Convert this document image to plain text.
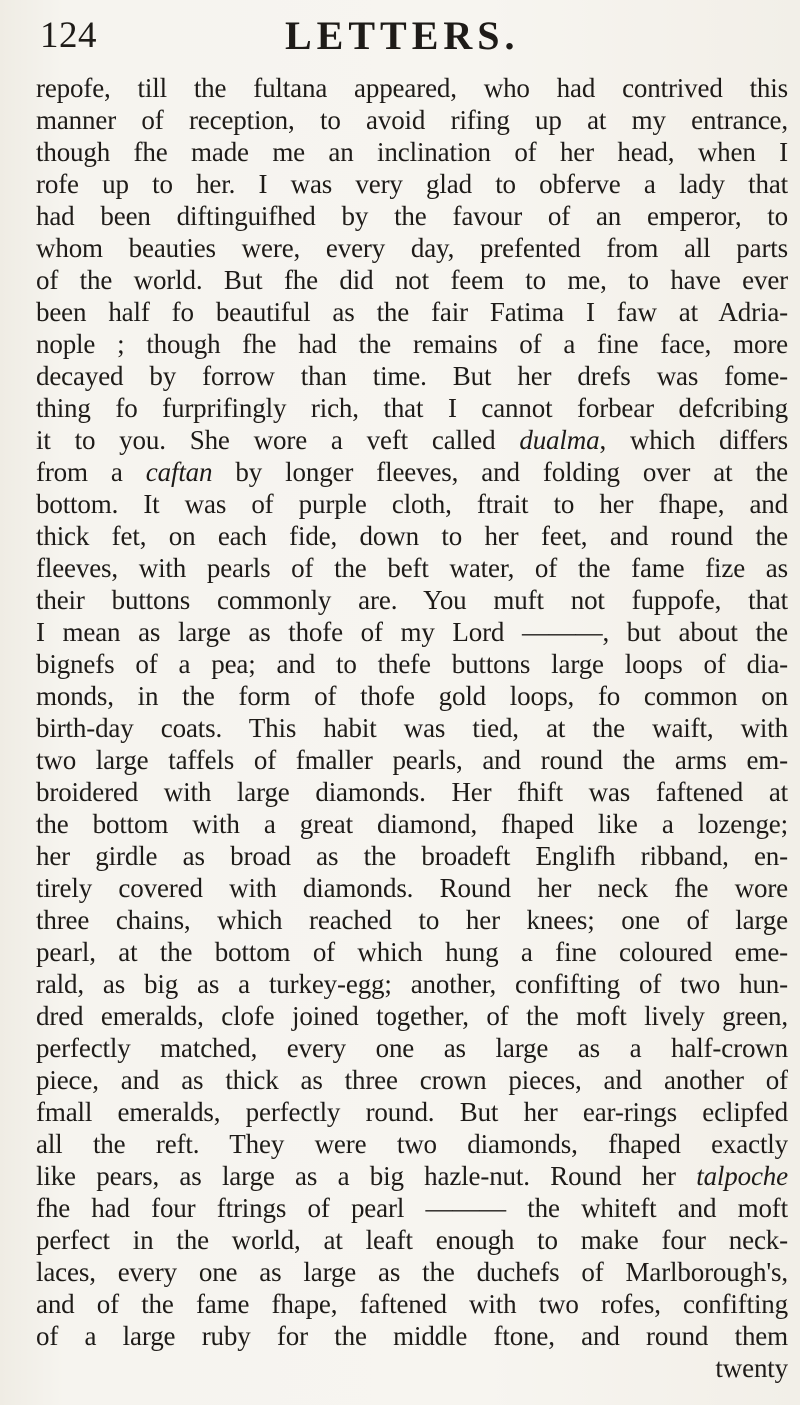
124	LETTERS.
repofe, till the fultana appeared, who had contrived this
manner of reception, to avoid rifing up at my entrance,
though fhe made me an inclination of her head, when I
rofe up to her. I was very glad to obferve a lady that
had been diftinguifhed by the favour of an emperor, to
whom beauties were, every day, prefented from all parts
of the world. But fhe did not feem to me, to have ever
been half fo beautiful as the fair Fatima I faw at Adria-
nople ; though fhe had the remains of a fine face, more
decayed by forrow than time. But her drefs was fome-
thing fo furprifingly rich, that I cannot forbear defcribing
it to you. She wore a veft called dualma, which differs
from a caftan by longer fleeves, and folding over at the
bottom. It was of purple cloth, ftrait to her fhape, and
thick fet, on each fide, down to her feet, and round the
fleeves, with pearls of the beft water, of the fame fize as
their buttons commonly are. You muft not fuppofe, that
I mean as large as thofe of my Lord ———, but about the
bignefs of a pea; and to thefe buttons large loops of dia-
monds, in the form of thofe gold loops, fo common on
birth-day coats. This habit was tied, at the waift, with
two large taffels of fmaller pearls, and round the arms em-
broidered with large diamonds. Her fhift was faftened at
the bottom with a great diamond, fhaped like a lozenge;
her girdle as broad as the broadeft Englifh ribband, en-
tirely covered with diamonds. Round her neck fhe wore
three chains, which reached to her knees; one of large
pearl, at the bottom of which hung a fine coloured eme-
rald, as big as a turkey-egg; another, confifting of two hun-
dred emeralds, clofe joined together, of the moft lively green,
perfectly matched, every one as large as a half-crown
piece, and as thick as three crown pieces, and another of
fmall emeralds, perfectly round. But her ear-rings eclipfed
all the reft. They were two diamonds, fhaped exactly
like pears, as large as a big hazle-nut. Round her talpoche
fhe had four ftrings of pearl ——— the whiteft and moft
perfect in the world, at leaft enough to make four neck-
laces, every one as large as the duchefs of Marlborough's,
and of the fame fhape, faftened with two rofes, confifting
of a large ruby for the middle ftone, and round them
twenty
